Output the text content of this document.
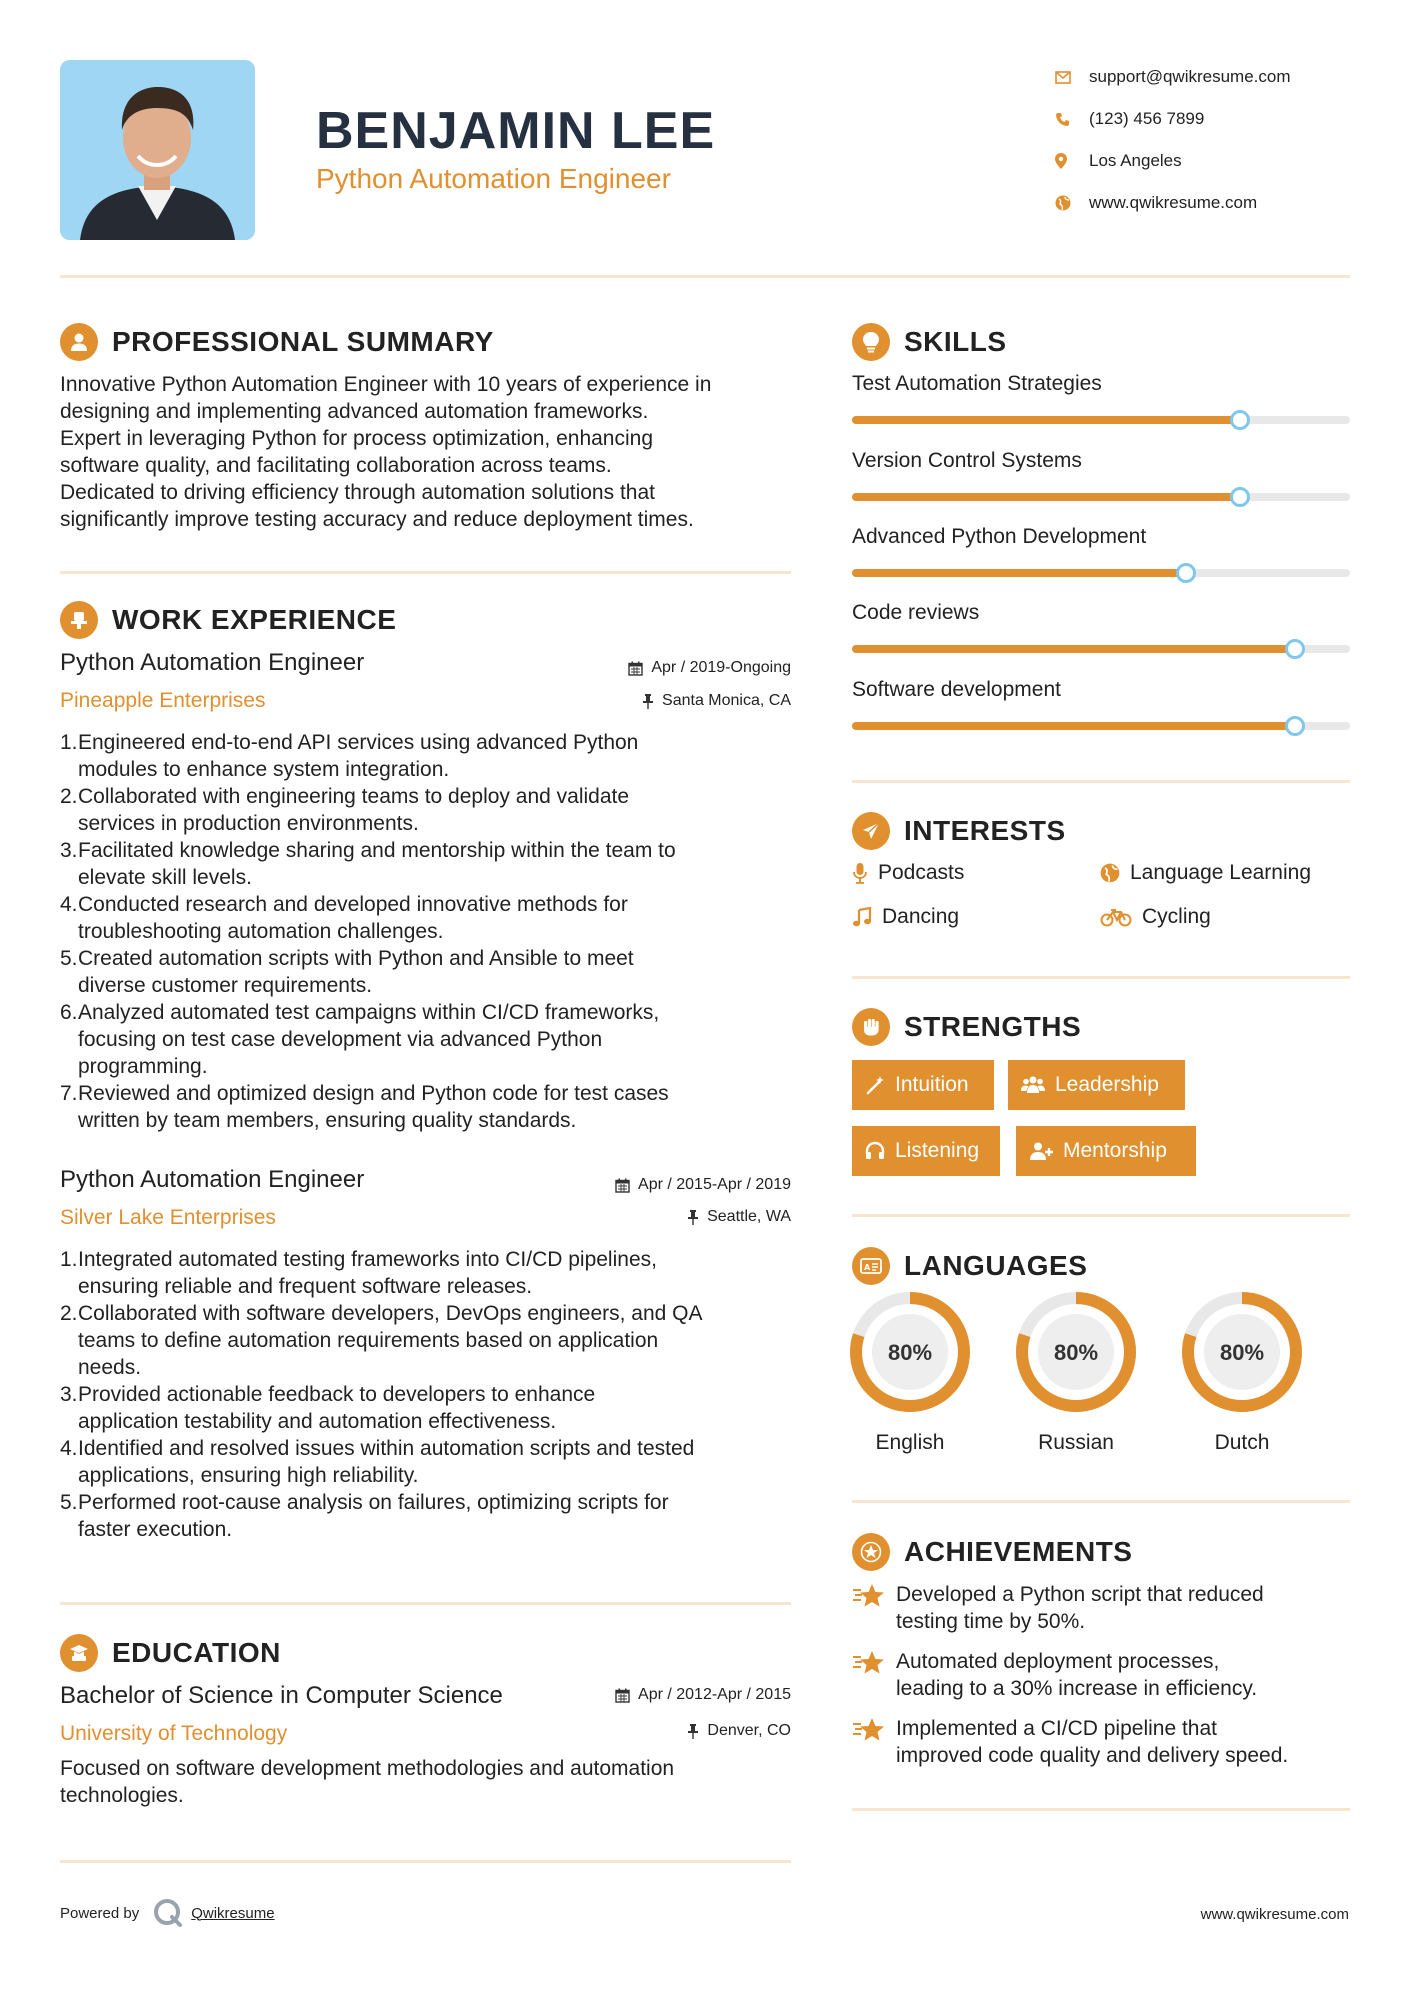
BENJAMIN LEE
Python Automation Engineer
support@qwikresume.com
(123) 456 7899
Los Angeles
www.qwikresume.com
PROFESSIONAL SUMMARY
Innovative Python Automation Engineer with 10 years of experience in
designing and implementing advanced automation frameworks.
Expert in leveraging Python for process optimization, enhancing
software quality, and facilitating collaboration across teams.
Dedicated to driving efficiency through automation solutions that
significantly improve testing accuracy and reduce deployment times.
WORK EXPERIENCE
Python Automation Engineer
Pineapple Enterprises
Apr / 2019-Ongoing
Santa Monica, CA
1. Engineered end-to-end API services using advanced Python
modules to enhance system integration.
2. Collaborated with engineering teams to deploy and validate
services in production environments.
3. Facilitated knowledge sharing and mentorship within the team to
elevate skill levels.
4. Conducted research and developed innovative methods for
troubleshooting automation challenges.
5. Created automation scripts with Python and Ansible to meet
diverse customer requirements.
6. Analyzed automated test campaigns within CI/CD frameworks,
focusing on test case development via advanced Python
programming.
7. Reviewed and optimized design and Python code for test cases
written by team members, ensuring quality standards.
Python Automation Engineer
Silver Lake Enterprises
Apr / 2015-Apr / 2019
Seattle, WA
1. Integrated automated testing frameworks into CI/CD pipelines,
ensuring reliable and frequent software releases.
2. Collaborated with software developers, DevOps engineers, and QA
teams to define automation requirements based on application
needs.
3. Provided actionable feedback to developers to enhance
application testability and automation effectiveness.
4. Identified and resolved issues within automation scripts and tested
applications, ensuring high reliability.
5. Performed root-cause analysis on failures, optimizing scripts for
faster execution.
EDUCATION
Bachelor of Science in Computer Science
University of Technology
Apr / 2012-Apr / 2015
Denver, CO
Focused on software development methodologies and automation
technologies.
SKILLS
Test Automation Strategies
Version Control Systems
Advanced Python Development
Code reviews
Software development
INTERESTS
Podcasts	Language Learning
Dancing	Cycling
STRENGTHS
Intuition	Leadership
Listening	Mentorship
A LANGUAGES
80%
English
80%
Russian
80%
Dutch
ACHIEVEMENTS
Developed a Python script that reduced
testing time by 50%.
Automated deployment processes,
leading to a 30% increase in efficiency.
Implemented a CI/CD pipeline that
improved code quality and delivery speed.
Powered by	Qwikresume	www.qwikresume.com
